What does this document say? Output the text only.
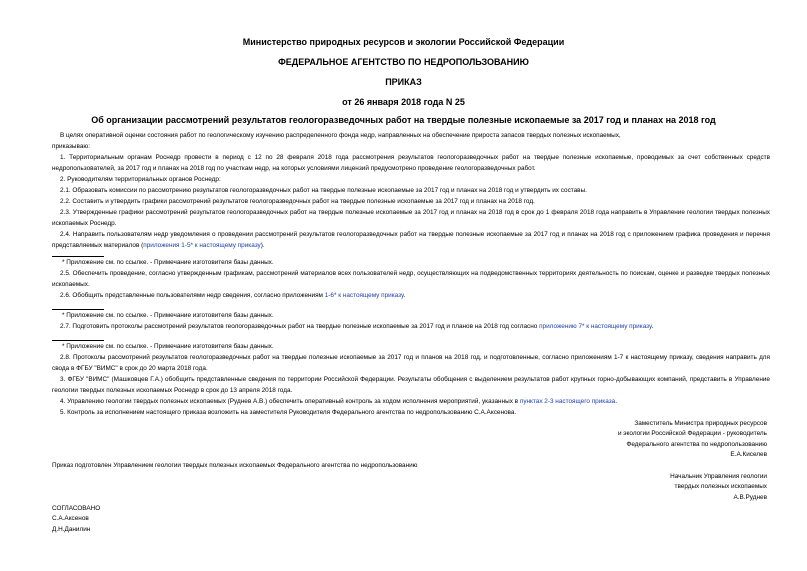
Министерство природных ресурсов и экологии Российской Федерации
ФЕДЕРАЛЬНОЕ АГЕНТСТВО ПО НЕДРОПОЛЬЗОВАНИЮ
ПРИКАЗ
от 26 января 2018 года N 25
Об организации рассмотрений результатов геологоразведочных работ на твердые полезные ископаемые за 2017 год и планах на 2018 год
В целях оперативной оценки состояния работ по геологическому изучению распределенного фонда недр, направленных на обеспечение прироста запасов твердых полезных ископаемых,
приказываю:
1. Территориальным органам Роснедр провести в период с 12 по 28 февраля 2018 года рассмотрения результатов геологоразведочных работ на твердые полезные ископаемые, проводимых за счет собственных средств недропользователей, за 2017 год и планах на 2018 год по участкам недр, на которых условиями лицензий предусмотрено проведение геологоразведочных работ.
2. Руководителям территориальных органов Роснедр:
2.1. Образовать комиссии по рассмотрению результатов геологоразведочных работ на твердые полезные ископаемые за 2017 год и планах на 2018 год и утвердить их составы.
2.2. Составить и утвердить графики рассмотрений результатов геологоразведочных работ на твердые полезные ископаемые за 2017 год и планах на 2018 год.
2.3. Утвержденные графики рассмотрений результатов геологоразведочных работ на твердые полезные ископаемые за 2017 год и планах на 2018 год в срок до 1 февраля 2018 года направить в Управление геологии твердых полезных ископаемых Роснедр.
2.4. Направить пользователям недр уведомления о проведении рассмотрений результатов геологоразведочных работ на твердые полезные ископаемые за 2017 год и планах на 2018 год с приложением графика проведения и перечня представляемых материалов (приложения 1-5* к настоящему приказу).
* Приложение см. по ссылке. - Примечание изготовителя базы данных.
2.5. Обеспечить проведение, согласно утвержденным графикам, рассмотрений материалов всех пользователей недр, осуществляющих на подведомственных территориях деятельность по поискам, оценке и разведке твердых полезных ископаемых.
2.6. Обобщить представленные пользователями недр сведения, согласно приложениям 1-6* к настоящему приказу.
* Приложение см. по ссылке. - Примечание изготовителя базы данных.
2.7. Подготовить протоколы рассмотрений результатов геологоразведочных работ на твердые полезные ископаемые за 2017 год и планов на 2018 год согласно приложению 7* к настоящему приказу.
* Приложение см. по ссылке. - Примечание изготовителя базы данных.
2.8. Протоколы рассмотрений результатов геологоразведочных работ на твердые полезные ископаемые за 2017 год и планов на 2018 год, и подготовленные, согласно приложениям 1-7 к настоящему приказу, сведения направить для свода в ФГБУ "ВИМС" в срок до 20 марта 2018 года.
3. ФГБУ "ВИМС" (Машковцев Г.А.) обобщить представленные сведения по территории Российской Федерации. Результаты обобщения с выделением результатов работ крупных горно-добывающих компаний, представить в Управление геологии твердых полезных ископаемых Роснедр в срок до 13 апреля 2018 года.
4. Управлению геологии твердых полезных ископаемых (Руднев А.В.) обеспечить оперативный контроль за ходом исполнения мероприятий, указанных в пунктах 2-3 настоящего приказа.
5. Контроль за исполнением настоящего приказа возложить на заместителя Руководителя Федерального агентства по недропользованию С.А.Аксенова.
Заместитель Министра природных ресурсов
и экологии Российской Федерации - руководитель
Федерального агентства по недропользованию
Е.А.Киселев
Приказ подготовлен Управлением геологии твердых полезных ископаемых Федерального агентства по недропользованию
Начальник Управления геологии
твердых полезных ископаемых
А.В.Руднев
СОГЛАСОВАНО
С.А.Аксенов
Д.Н.Данилин
